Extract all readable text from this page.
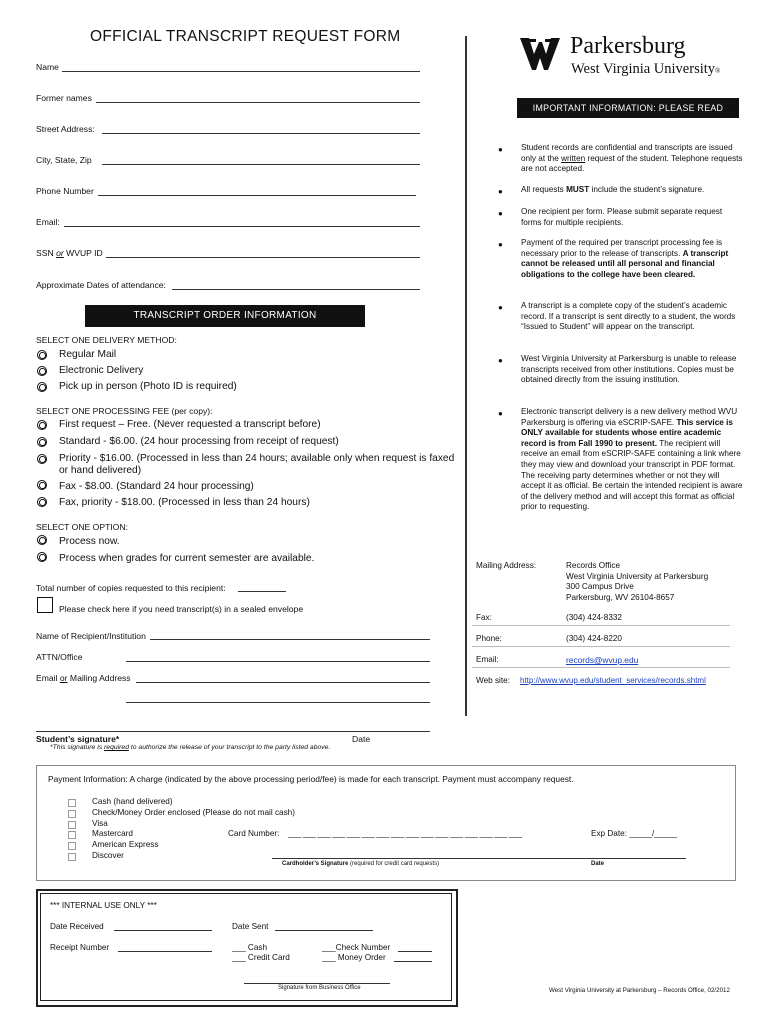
OFFICIAL TRANSCRIPT REQUEST FORM	Parkersburg
West Virginia University®
Name
Former names
Street Address:
City, State, Zip
Phone Number
Email:
SSN or WVUP ID
Approximate Dates of attendance:
TRANSCRIPT ORDER INFORMATION
SELECT ONE DELIVERY METHOD:
Regular Mail
Electronic Delivery
Pick up in person (Photo ID is required)
SELECT ONE PROCESSING FEE (per copy):
First request – Free. (Never requested a transcript before)
Standard - $6.00. (24 hour processing from receipt of request)
Priority - $16.00. (Processed in less than 24 hours; available only when request is faxed
or hand delivered)
Fax - $8.00. (Standard 24 hour processing)
Fax, priority - $18.00. (Processed in less than 24 hours)
SELECT ONE OPTION:
Process now.
Process when grades for current semester are available.
Total number of copies requested to this recipient:
Please check here if you need transcript(s) in a sealed envelope
Name of Recipient/Institution
ATTN/Office
Email or Mailing Address
Student’s signature*	Date
*This signature is required to authorize the release of your transcript to the party listed above.
IMPORTANT INFORMATION: PLEASE READ
● Student records are confidential and transcripts are issued only at the written request of the student. Telephone requests are not accepted.
● All requests MUST include the student’s signature.
● One recipient per form. Please submit separate request forms for multiple recipients.
● Payment of the required per transcript processing fee is necessary prior to the release of transcripts. A transcript cannot be released until all personal and financial obligations to the college have been cleared.
● A transcript is a complete copy of the student’s academic record. If a transcript is sent directly to a student, the words “Issued to Student” will appear on the transcript.
● West Virginia University at Parkersburg is unable to release transcripts received from other institutions. Copies must be obtained directly from the issuing institution.
● Electronic transcript delivery is a new delivery method WVU Parkersburg is offering via eSCRIP-SAFE. This service is ONLY available for students whose entire academic record is from Fall 1990 to present. The recipient will receive an email from eSCRIP-SAFE containing a link where they may view and download your transcript in PDF format. The receiving party determines whether or not they will accept it as official. Be certain the intended recipient is aware of the delivery method and will accept this format as official prior to requesting.
Mailing Address:	Records Office
West Virginia University at Parkersburg
300 Campus Drive
Parkersburg, WV 26104-8657
Fax:	(304) 424-8332
Phone:	(304) 424-8220
Email:	records@wvup.edu
Web site: http://www.wvup.edu/student_services/records.shtml
Payment Information: A charge (indicated by the above processing period/fee) is made for each transcript. Payment must accompany request.
Cash (hand delivered)
Check/Money Order enclosed (Please do not mail cash)
Visa
Mastercard
American Express
Discover
Card Number: ___ ___ ___ ___ ___ ___ ___ ___ ___ ___ ___ ___ ___ ___ ___ ___	Exp Date: _____/_____
Cardholder’s Signature (required for credit card requests)	Date
*** INTERNAL USE ONLY ***
Date Received	Date Sent
Receipt Number	___ Cash
___ Credit Card
___Check Number
___ Money Order
Signature from Business Office	West Virginia University at Parkersburg – Records Office, 02/2012
